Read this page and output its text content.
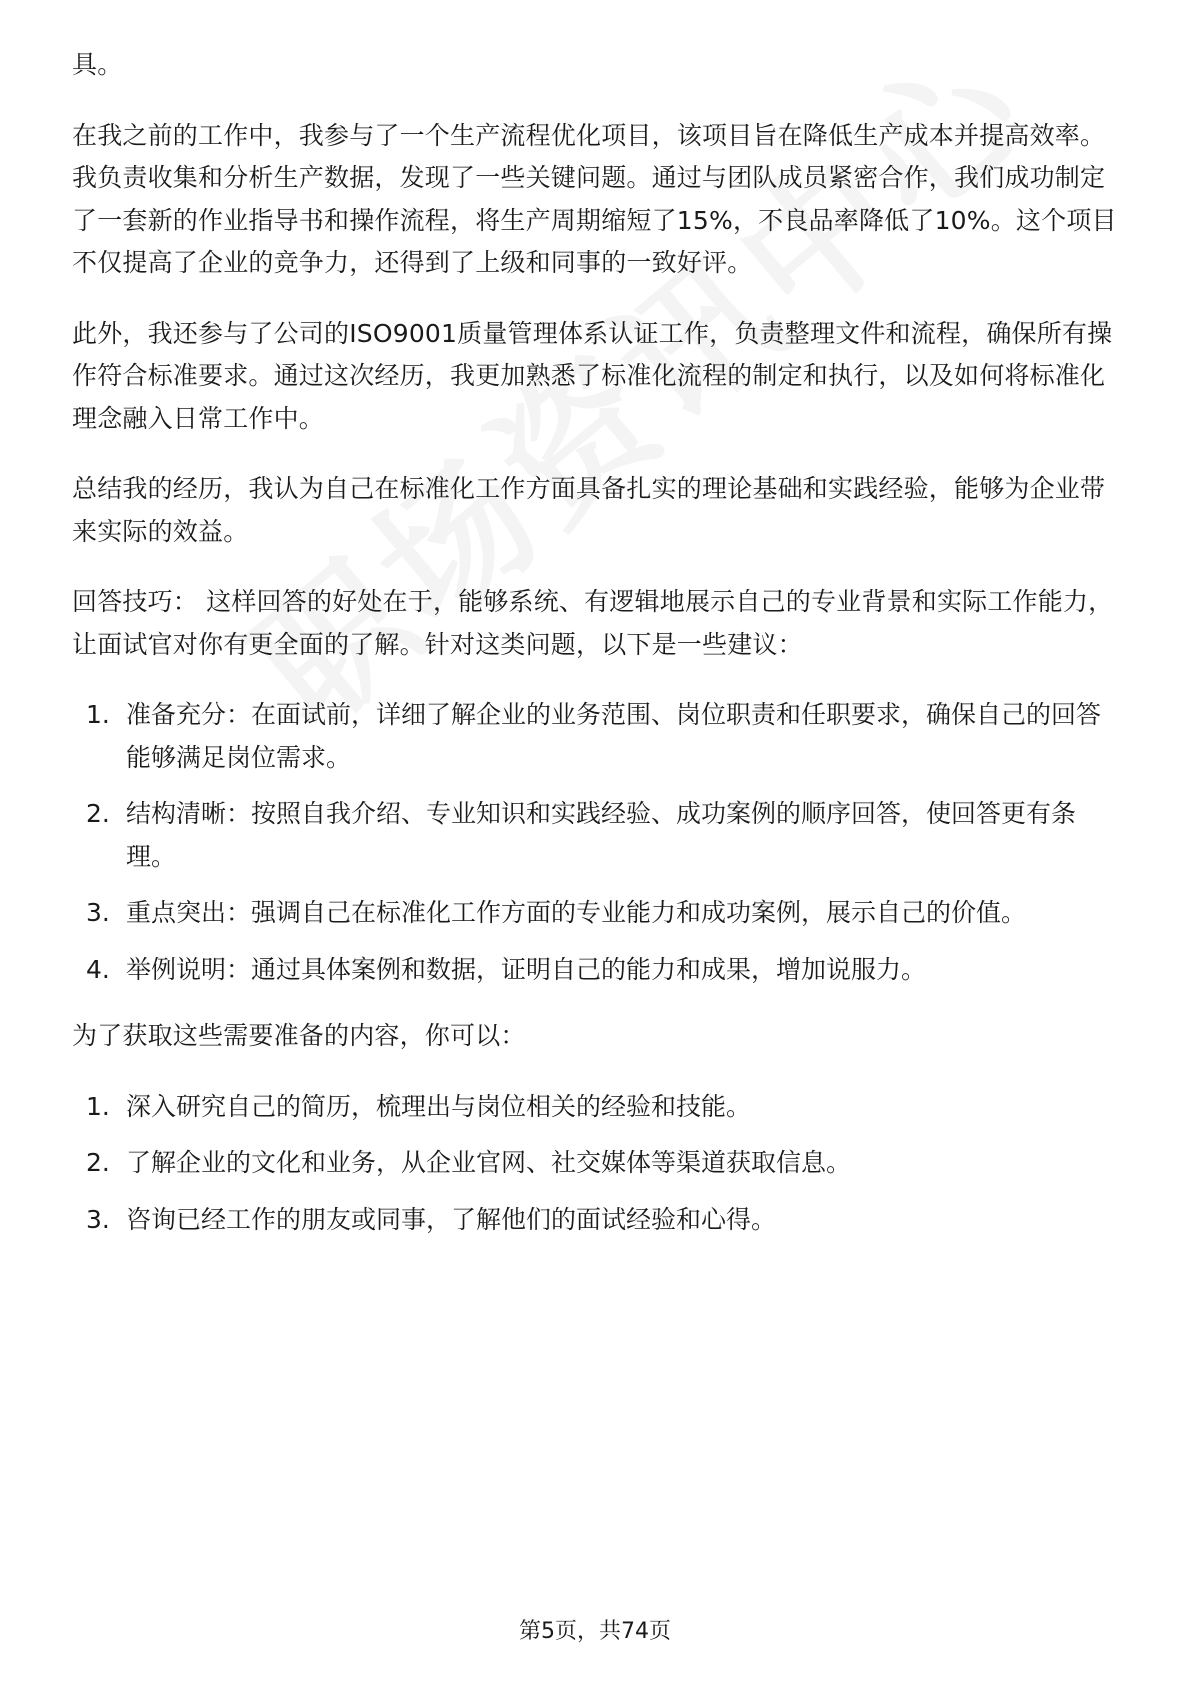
具。

在我之前的工作中，我参与了一个生产流程优化项目，该项目旨在降低生产成本并提高效率。我负责收集和分析生产数据，发现了一些关键问题。通过与团队成员紧密合作，我们成功制定了一套新的作业指导书和操作流程，将生产周期缩短了15%，不良品率降低了10%。这个项目不仅提高了企业的竞争力，还得到了上级和同事的一致好评。

此外，我还参与了公司的ISO9001质量管理体系认证工作，负责整理文件和流程，确保所有操作符合标准要求。通过这次经历，我更加熟悉了标准化流程的制定和执行，以及如何将标准化理念融入日常工作中。

总结我的经历，我认为自己在标准化工作方面具备扎实的理论基础和实践经验，能够为企业带来实际的效益。

回答技巧： 这样回答的好处在于，能够系统、有逻辑地展示自己的专业背景和实际工作能力，让面试官对你有更全面的了解。针对这类问题，以下是一些建议：

1. 准备充分：在面试前，详细了解企业的业务范围、岗位职责和任职要求，确保自己的回答能够满足岗位需求。
2. 结构清晰：按照自我介绍、专业知识和实践经验、成功案例的顺序回答，使回答更有条理。
3. 重点突出：强调自己在标准化工作方面的专业能力和成功案例，展示自己的价值。
4. 举例说明：通过具体案例和数据，证明自己的能力和成果，增加说服力。

为了获取这些需要准备的内容，你可以：

1. 深入研究自己的简历，梳理出与岗位相关的经验和技能。
2. 了解企业的文化和业务，从企业官网、社交媒体等渠道获取信息。
3. 咨询已经工作的朋友或同事，了解他们的面试经验和心得。
第5页，共74页
